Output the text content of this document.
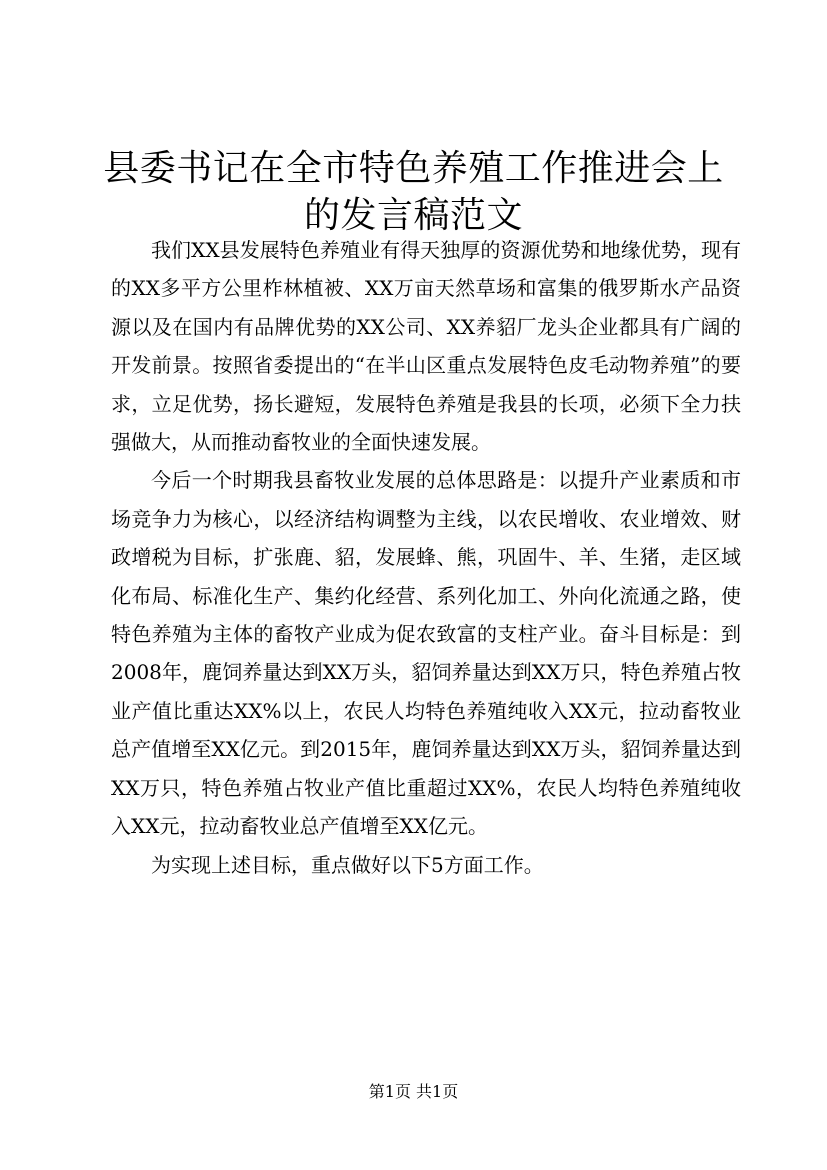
县委书记在全市特色养殖工作推进会上的发言稿范文

我们XX县发展特色养殖业有得天独厚的资源优势和地缘优势，现有的XX多平方公里柞林植被、XX万亩天然草场和富集的俄罗斯水产品资源以及在国内有品牌优势的XX公司、XX养貂厂龙头企业都具有广阔的开发前景。按照省委提出的“在半山区重点发展特色皮毛动物养殖”的要求，立足优势，扬长避短，发展特色养殖是我县的长项，必须下全力扶强做大，从而推动畜牧业的全面快速发展。

今后一个时期我县畜牧业发展的总体思路是：以提升产业素质和市场竞争力为核心，以经济结构调整为主线，以农民增收、农业增效、财政增税为目标，扩张鹿、貂，发展蜂、熊，巩固牛、羊、生猪，走区域化布局、标准化生产、集约化经营、系列化加工、外向化流通之路，使特色养殖为主体的畜牧产业成为促农致富的支柱产业。奋斗目标是：到2008年，鹿饲养量达到XX万头，貂饲养量达到XX万只，特色养殖占牧业产值比重达XX%以上，农民人均特色养殖纯收入XX元，拉动畜牧业总产值增至XX亿元。到2015年，鹿饲养量达到XX万头，貂饲养量达到XX万只，特色养殖占牧业产值比重超过XX%，农民人均特色养殖纯收入XX元，拉动畜牧业总产值增至XX亿元。

为实现上述目标，重点做好以下5方面工作。

第1页 共1页
